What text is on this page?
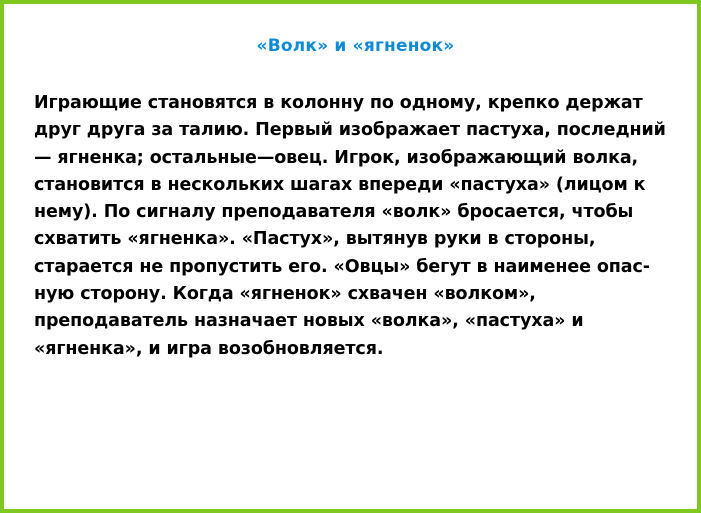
«Волк» и «ягненок»

Играющие становятся в колонну по одному, крепко держат друг друга за талию. Первый изображает пастуха, последний — ягненка; остальные—овец. Игрок, изображающий волка, становится в нескольких шагах впереди «пастуха» (лицом к нему). По сигналу преподавателя «волк» бросается, чтобы схватить «ягненка». «Пастух», вытянув руки в стороны, старается не пропустить его. «Овцы» бегут в наименее опас-ную сторону. Когда «ягненок» схвачен «волком», преподаватель назначает новых «волка», «пастуха» и «ягненка», и игра возобновляется.
